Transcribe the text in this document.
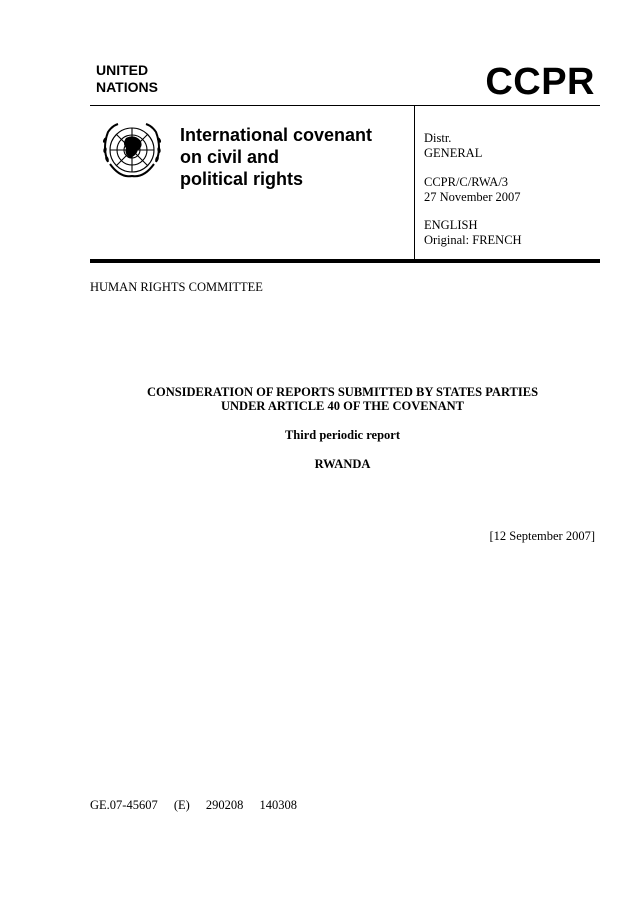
UNITED
NATIONS	CCPR
International covenant
on civil and
political rights
Distr.
GENERAL
CCPR/C/RWA/3
27 November 2007
ENGLISH
Original: FRENCH
HUMAN RIGHTS COMMITTEE
CONSIDERATION OF REPORTS SUBMITTED BY STATES PARTIES
UNDER ARTICLE 40 OF THE COVENANT
Third periodic report
RWANDA
[12 September 2007]
GE.07-45607 (E) 290208 140308
